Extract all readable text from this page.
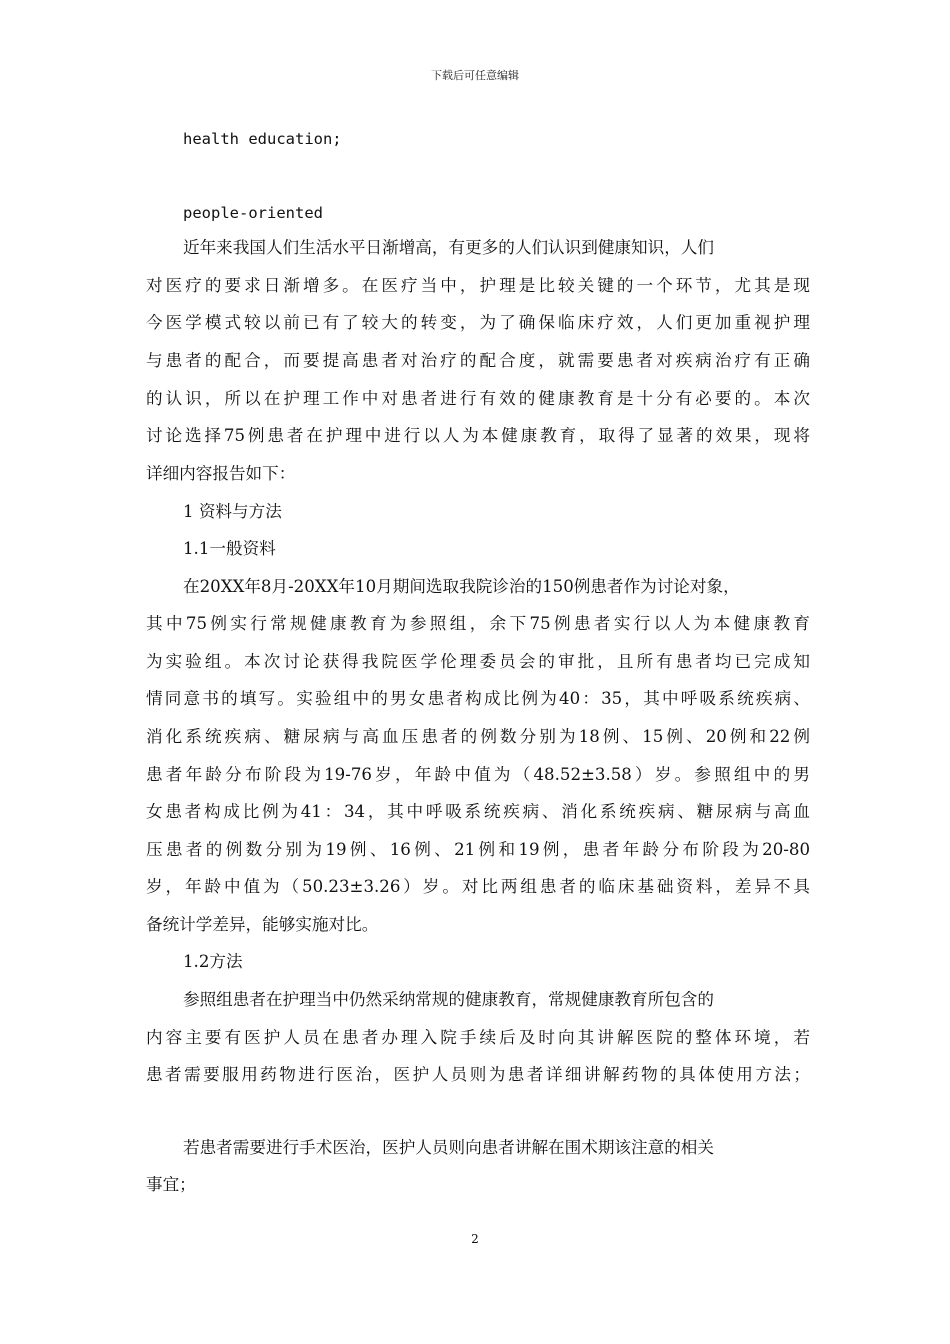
下载后可任意编辑
health education;
people-oriented
近年来我国人们生活水平日渐增高，有更多的人们认识到健康知识，人们
对医疗的要求日渐增多。在医疗当中，护理是比较关键的一个环节，尤其是现
今医学模式较以前已有了较大的转变，为了确保临床疗效，人们更加重视护理
与患者的配合，而要提高患者对治疗的配合度，就需要患者对疾病治疗有正确
的认识，所以在护理工作中对患者进行有效的健康教育是十分有必要的。本次
讨论选择75例患者在护理中进行以人为本健康教育，取得了显著的效果，现将
详细内容报告如下：
1 资料与方法
1.1一般资料
在20XX年8月-20XX年10月期间选取我院诊治的150例患者作为讨论对象，
其中75例实行常规健康教育为参照组，余下75例患者实行以人为本健康教育
为实验组。本次讨论获得我院医学伦理委员会的审批，且所有患者均已完成知
情同意书的填写。实验组中的男女患者构成比例为40：35，其中呼吸系统疾病、
消化系统疾病、糖尿病与高血压患者的例数分别为18例、15例、20例和22例
患者年龄分布阶段为19-76岁，年龄中值为（48.52±3.58）岁。参照组中的男
女患者构成比例为41：34，其中呼吸系统疾病、消化系统疾病、糖尿病与高血
压患者的例数分别为19例、16例、21例和19例，患者年龄分布阶段为20-80
岁，年龄中值为（50.23±3.26）岁。对比两组患者的临床基础资料，差异不具
备统计学差异，能够实施对比。
1.2方法
参照组患者在护理当中仍然采纳常规的健康教育，常规健康教育所包含的
内容主要有医护人员在患者办理入院手续后及时向其讲解医院的整体环境，若
患者需要服用药物进行医治，医护人员则为患者详细讲解药物的具体使用方法；
若患者需要进行手术医治，医护人员则向患者讲解在围术期该注意的相关
事宜；
2
